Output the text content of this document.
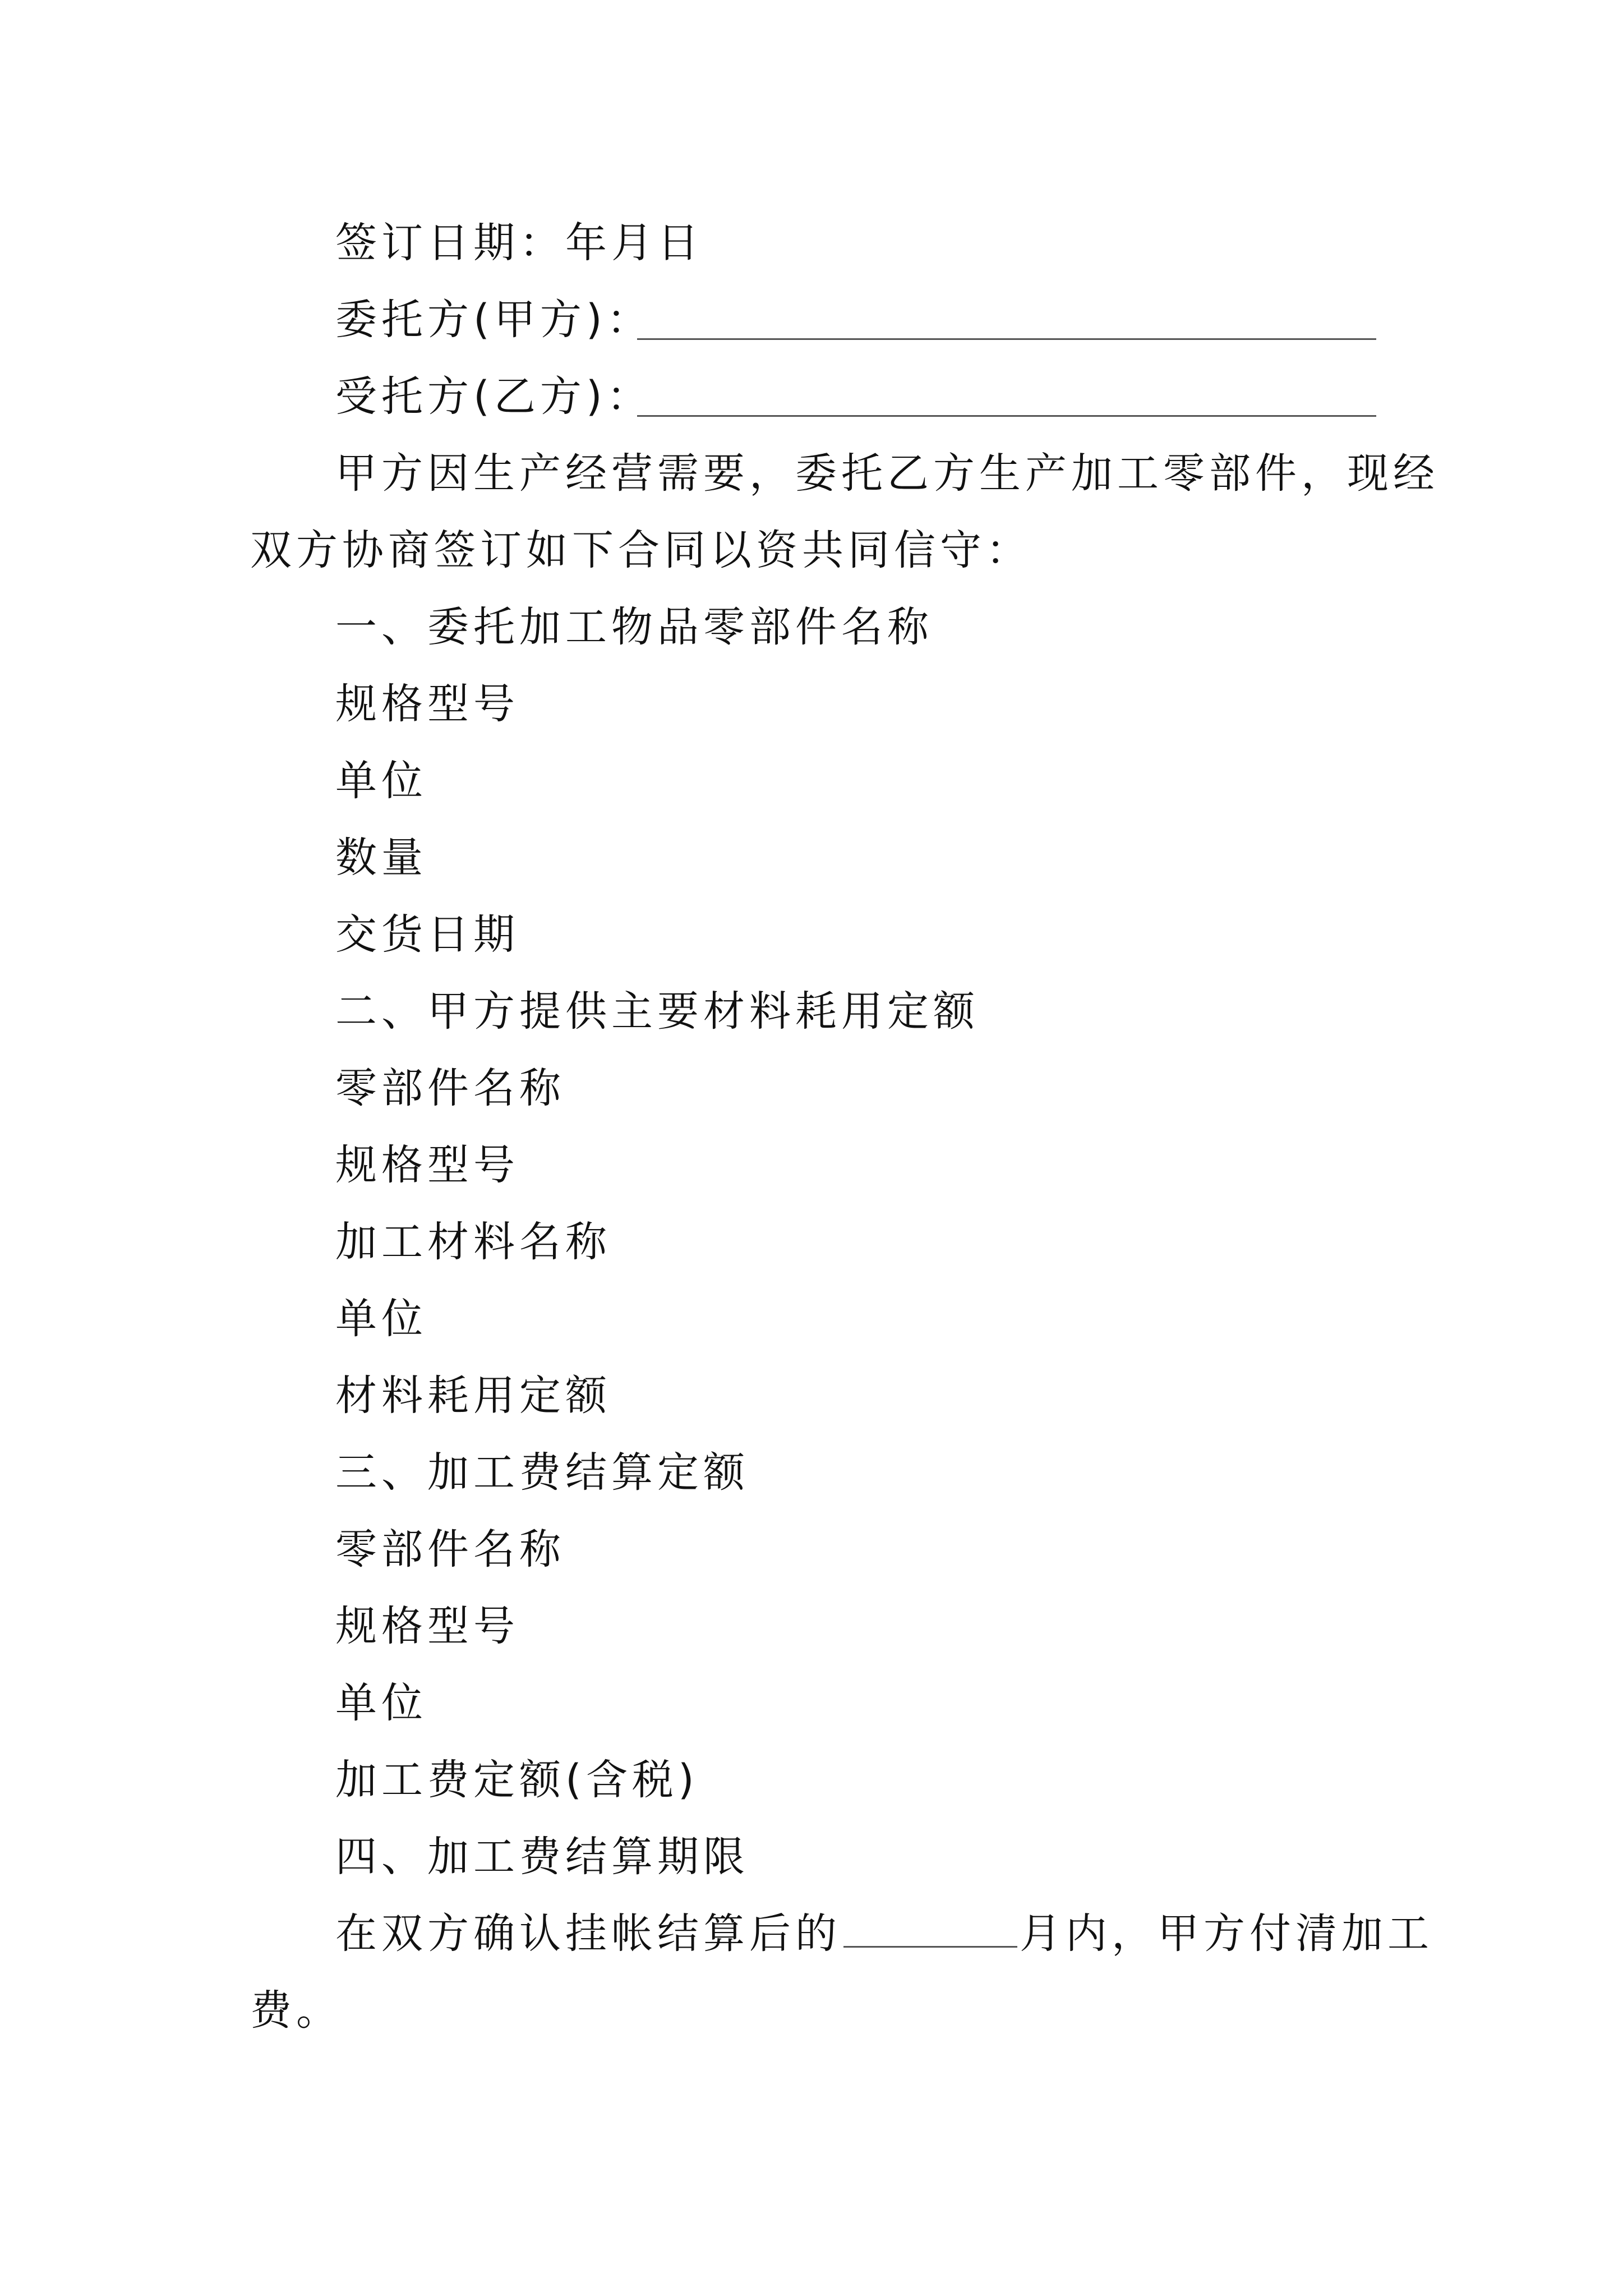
签订日期：年月日
委托方(甲方)：
受托方(乙方)：
甲方因生产经营需要，委托乙方生产加工零部件，现经
双方协商签订如下合同以资共同信守：
一、委托加工物品零部件名称
规格型号
单位
数量
交货日期
二、甲方提供主要材料耗用定额
零部件名称
规格型号
加工材料名称
单位
材料耗用定额
三、加工费结算定额
零部件名称
规格型号
单位
加工费定额(含税)
四、加工费结算期限
在双方确认挂帐结算后的	月内，甲方付清加工
费。
